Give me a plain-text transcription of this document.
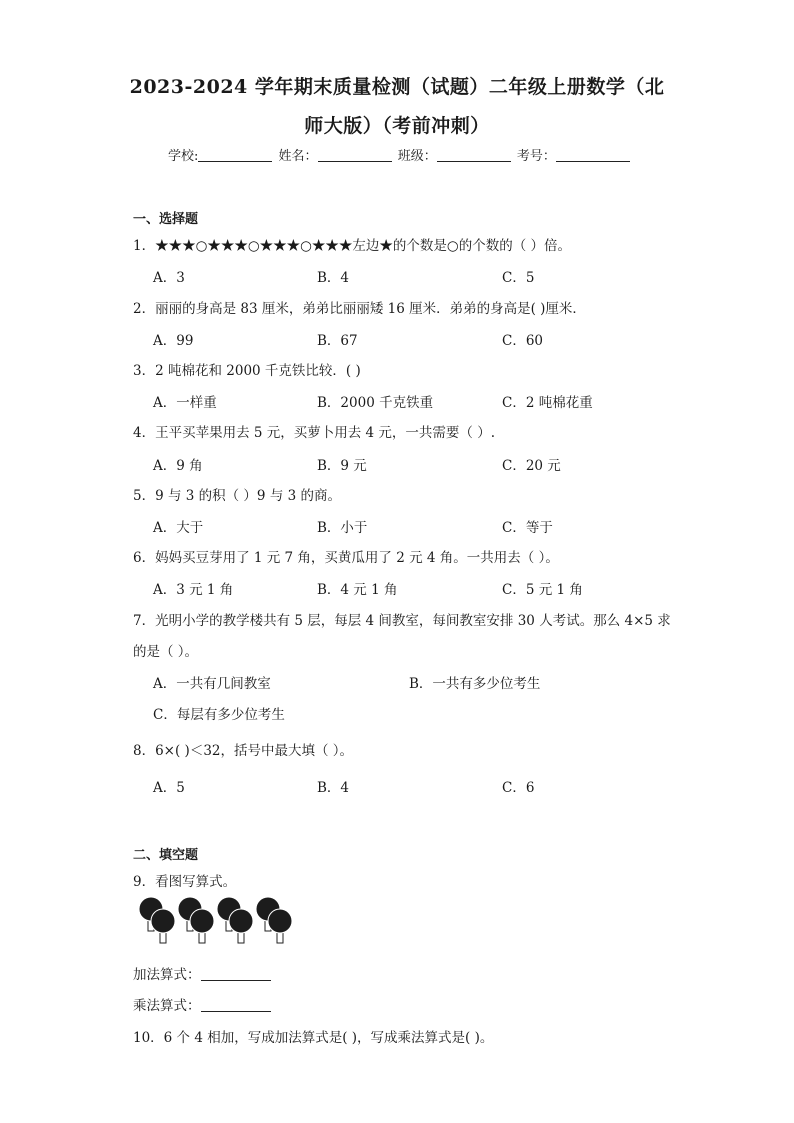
2023-2024 学年期末质量检测（试题）二年级上册数学（北
师大版）（考前冲刺）
学校:	姓名：	班级：	考号：
一、选择题
1．★★★○★★★○★★★○★★★左边★的个数是○的个数的（ ）倍。
A．3	B．4	C．5
2．丽丽的身高是 83 厘米，弟弟比丽丽矮 16 厘米．弟弟的身高是( )厘米．
A．99	B．67	C．60
3．2 吨棉花和 2000 千克铁比较．( )
A．一样重	B．2000 千克铁重	C．2 吨棉花重
4．王平买苹果用去 5 元，买萝卜用去 4 元，一共需要（ ）.
A．9 角	B．9 元	C．20 元
5．9 与 3 的积（ ）9 与 3 的商。
A．大于	B．小于	C．等于
6．妈妈买豆芽用了 1 元 7 角，买黄瓜用了 2 元 4 角。一共用去（ ）。
A．3 元 1 角	B．4 元 1 角	C．5 元 1 角
7．光明小学的教学楼共有 5 层，每层 4 间教室，每间教室安排 30 人考试。那么 4×5 求
的是（ ）。
A．一共有几间教室	B．一共有多少位考生
C．每层有多少位考生
8．6×( )＜32，括号中最大填（ ）。
A．5	B．4	C．6
二、填空题
9．看图写算式。
加法算式：
乘法算式：
10．6 个 4 相加，写成加法算式是( )，写成乘法算式是( )。
